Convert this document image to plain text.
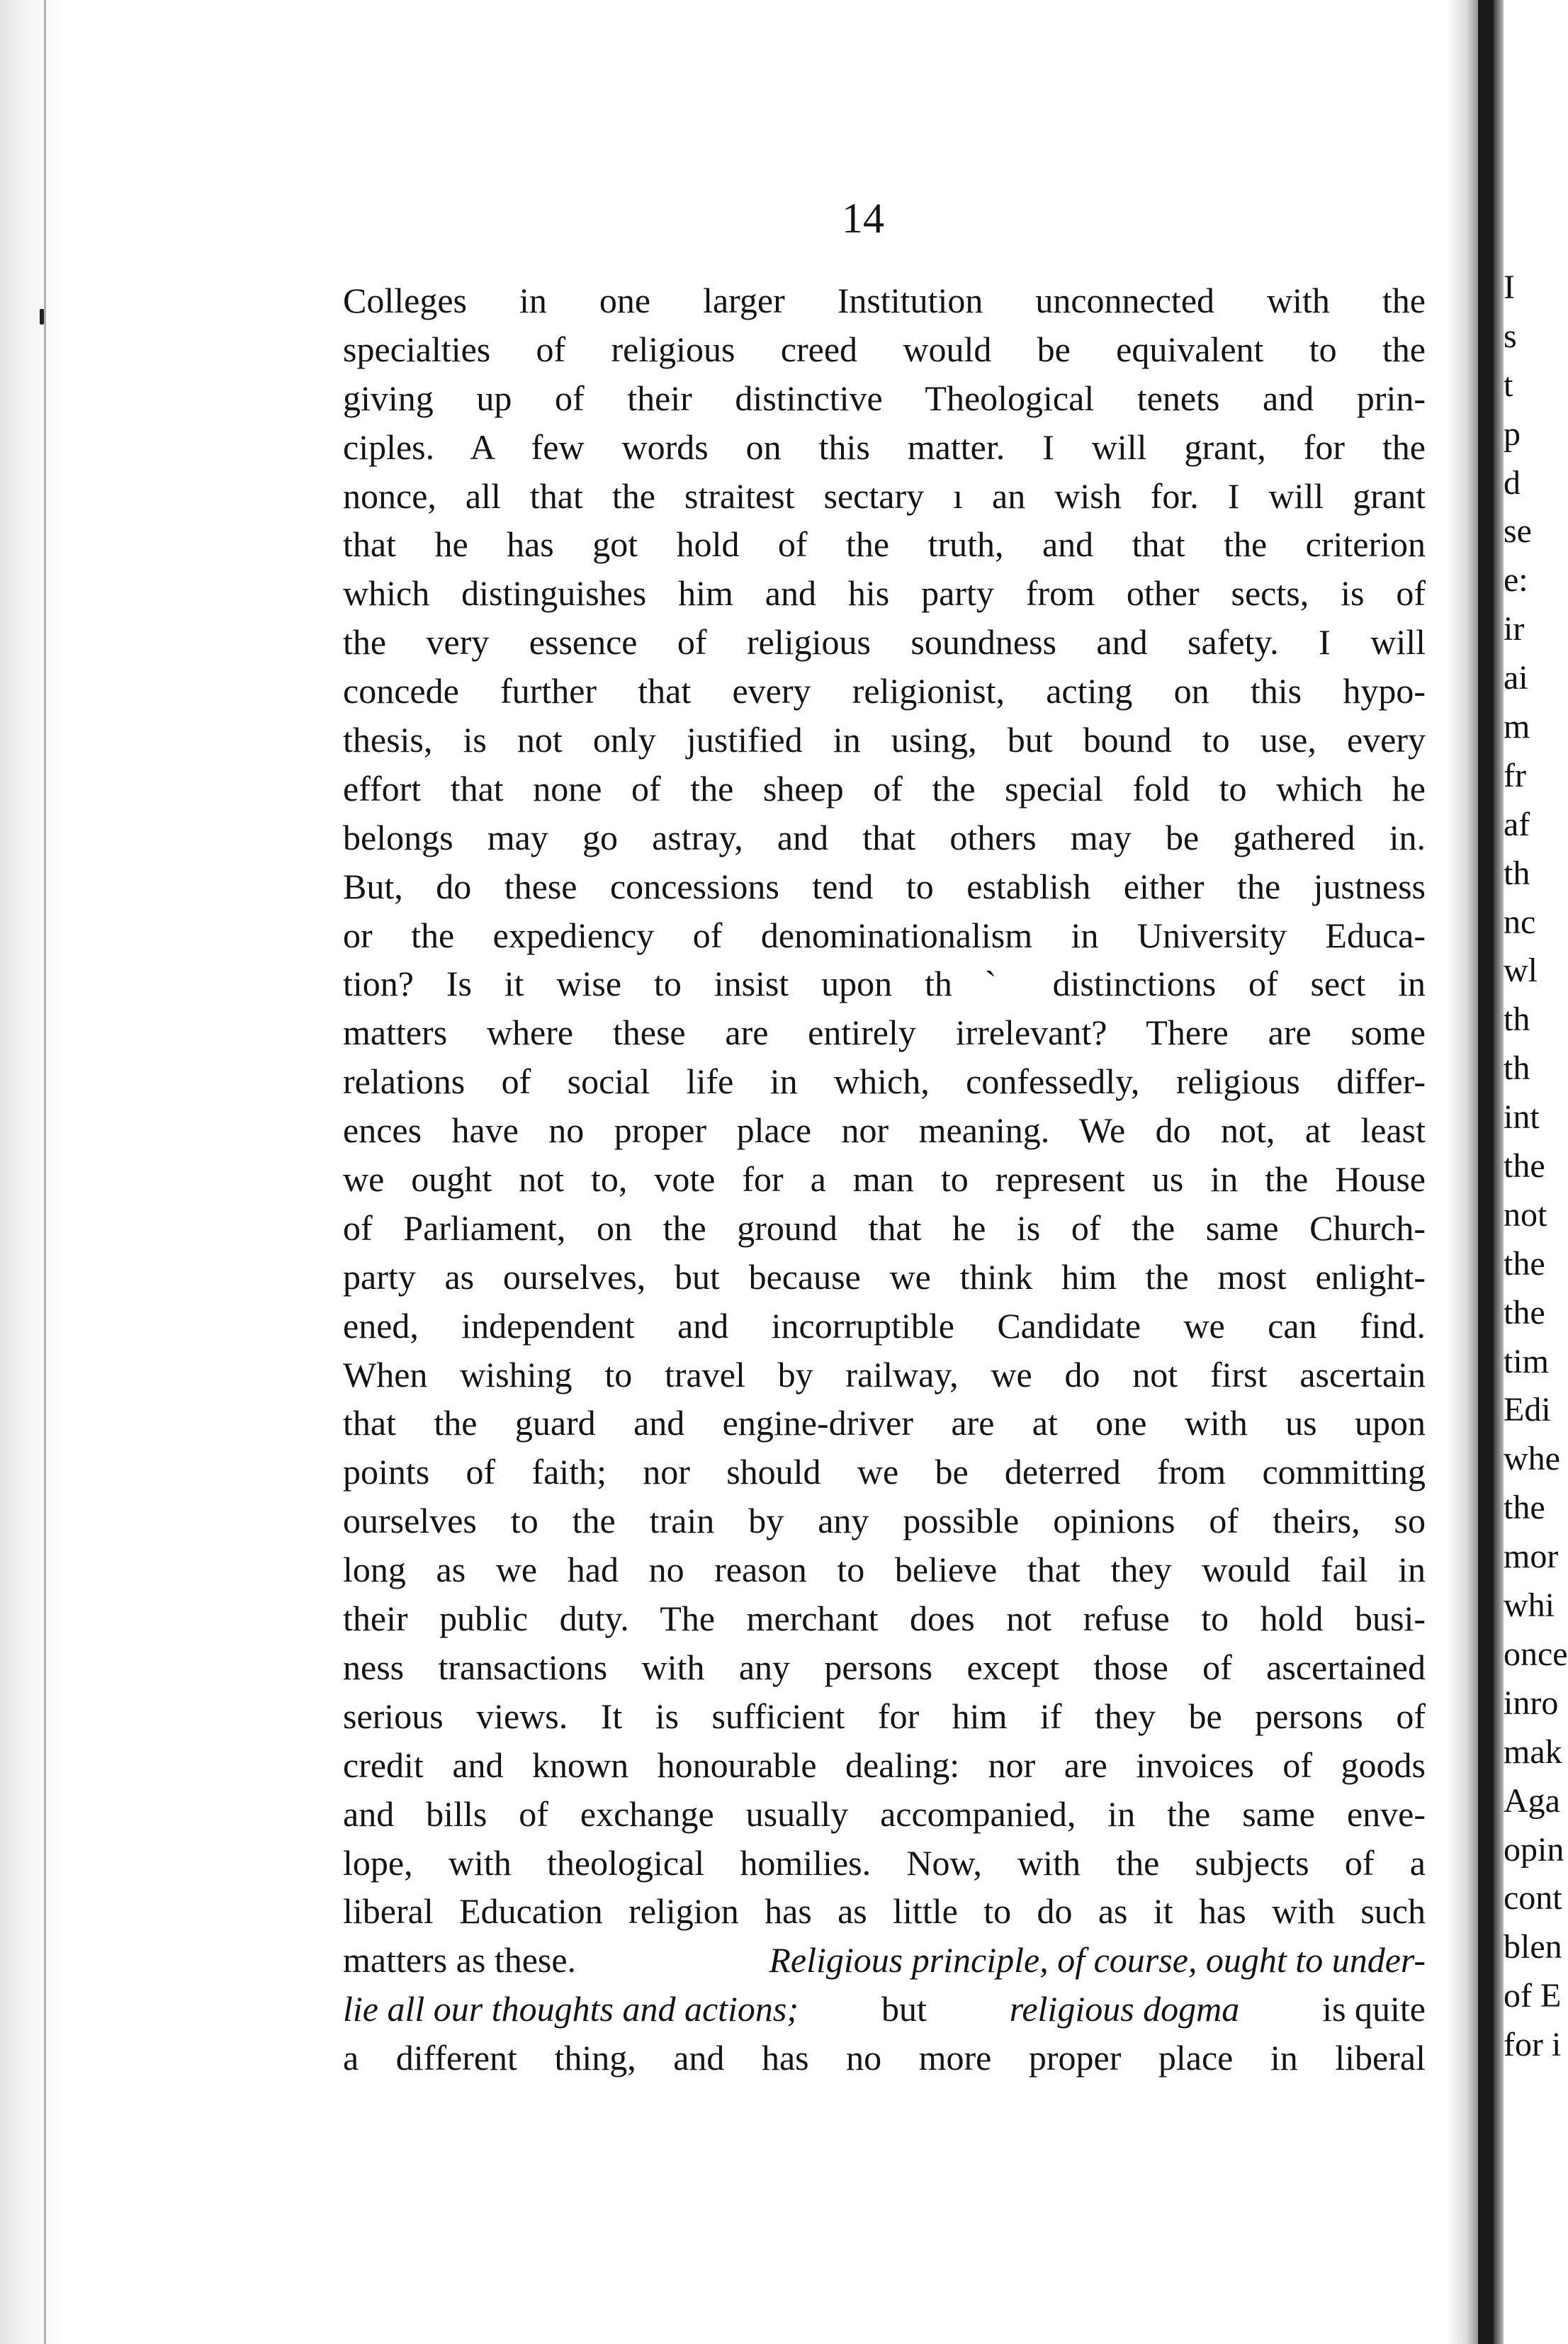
14
Colleges in one larger Institution unconnected with the
specialties of religious creed would be equivalent to the
giving up of their distinctive Theological tenets and prin-
ciples. A few words on this matter. I will grant, for the
nonce, all that the straitest sectary ı an wish for. I will grant
that he has got hold of the truth, and that the criterion
which distinguishes him and his party from other sects, is of
the very essence of religious soundness and safety. I will
concede further that every religionist, acting on this hypo-
thesis, is not only justified in using, but bound to use, every
effort that none of the sheep of the special fold to which he
belongs may go astray, and that others may be gathered in.
But, do these concessions tend to establish either the justness
or the expediency of denominationalism in University Educa-
tion? Is it wise to insist upon th ˋ distinctions of sect in
matters where these are entirely irrelevant? There are some
relations of social life in which, confessedly, religious differ-
ences have no proper place nor meaning. We do not, at least
we ought not to, vote for a man to represent us in the House
of Parliament, on the ground that he is of the same Church-
party as ourselves, but because we think him the most enlight-
ened, independent and incorruptible Candidate we can find.
When wishing to travel by railway, we do not first ascertain
that the guard and engine-driver are at one with us upon
points of faith; nor should we be deterred from committing
ourselves to the train by any possible opinions of theirs, so
long as we had no reason to believe that they would fail in
their public duty. The merchant does not refuse to hold busi-
ness transactions with any persons except those of ascertained
serious views. It is sufficient for him if they be persons of
credit and known honourable dealing: nor are invoices of goods
and bills of exchange usually accompanied, in the same enve-
lope, with theological homilies. Now, with the subjects of a
liberal Education religion has as little to do as it has with such
matters as these.	Religious principle, of course, ought to under-
lie all our thoughts and actions; but religious dogma is quite
a different thing, and has no more proper place in liberal
I
s
t
p
d
se
e:
ir
ai
m
fr
af
th
nc
wl
th
th
int
the
not
the
the
tim
Edi
whe
the
mor
whi
once
inro
mak
Aga
opin
cont
blen
of E
for i
